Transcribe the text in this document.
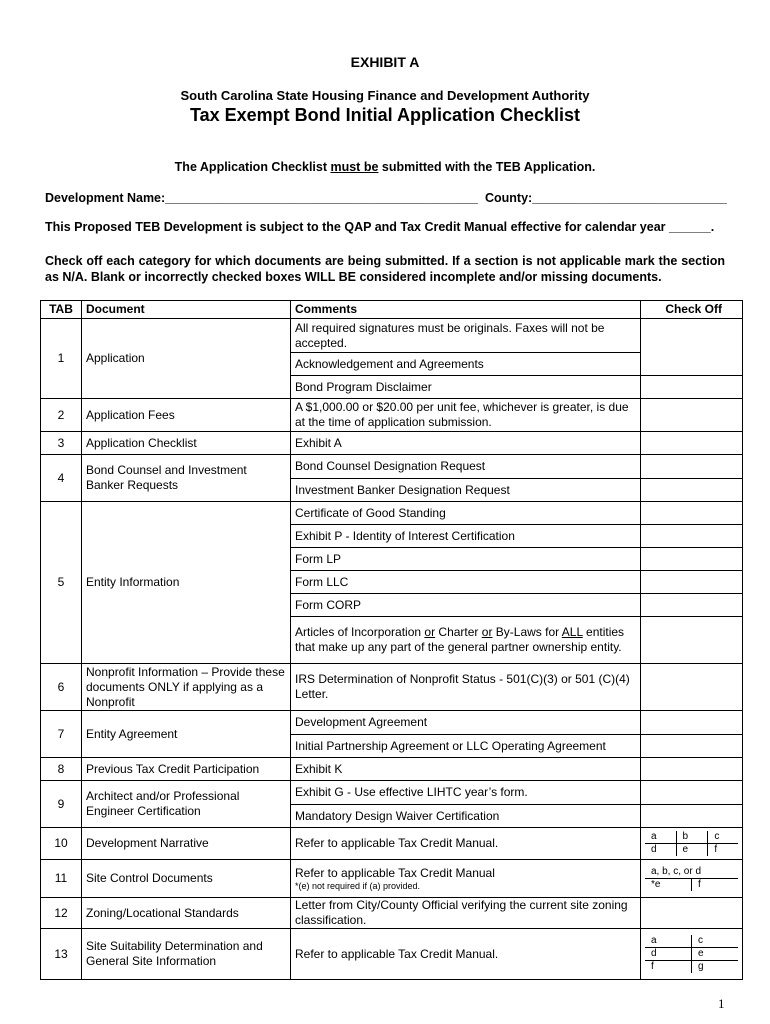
EXHIBIT A
South Carolina State Housing Finance and Development Authority
Tax Exempt Bond Initial Application Checklist
The Application Checklist must be submitted with the TEB Application.
Development Name:_____________________________________________ County:____________________________
This Proposed TEB Development is subject to the QAP and Tax Credit Manual effective for calendar year ______.
Check off each category for which documents are being submitted. If a section is not applicable mark the section as N/A. Blank or incorrectly checked boxes WILL BE considered incomplete and/or missing documents.
TAB	Document	Comments	Check Off
1	Application	All required signatures must be originals. Faxes will not be accepted.	
Acknowledgement and Agreements
Bond Program Disclaimer	
2	Application Fees	A $1,000.00 or $20.00 per unit fee, whichever is greater, is due at the time of application submission.	
3	Application Checklist	Exhibit A	
4	Bond Counsel and Investment Banker Requests	Bond Counsel Designation Request	
Investment Banker Designation Request	
5	Entity Information	Certificate of Good Standing	
Exhibit P - Identity of Interest Certification	
Form LP	
Form LLC	
Form CORP	
Articles of Incorporation or Charter or By-Laws for ALL entities that make up any part of the general partner ownership entity.	
6	Nonprofit Information – Provide these documents ONLY if applying as a Nonprofit	IRS Determination of Nonprofit Status - 501(C)(3) or 501 (C)(4) Letter.	
7	Entity Agreement	Development Agreement	
Initial Partnership Agreement or LLC Operating Agreement	
8	Previous Tax Credit Participation	Exhibit K	
9	Architect and/or Professional Engineer Certification	Exhibit G - Use effective LIHTC year’s form.	
Mandatory Design Waiver Certification	
10	Development Narrative	Refer to applicable Tax Credit Manual.		a	b	c
d	e	f

11	Site Control Documents	Refer to applicable Tax Credit Manual
*(e) not required if (a) provided.

a, b, c, or d
*e	f

12	Zoning/Locational Standards	Letter from City/County Official verifying the current site zoning classification.	
13	Site Suitability Determination and General Site Information	Refer to applicable Tax Credit Manual.	
a	c
d	e
f	g
1
